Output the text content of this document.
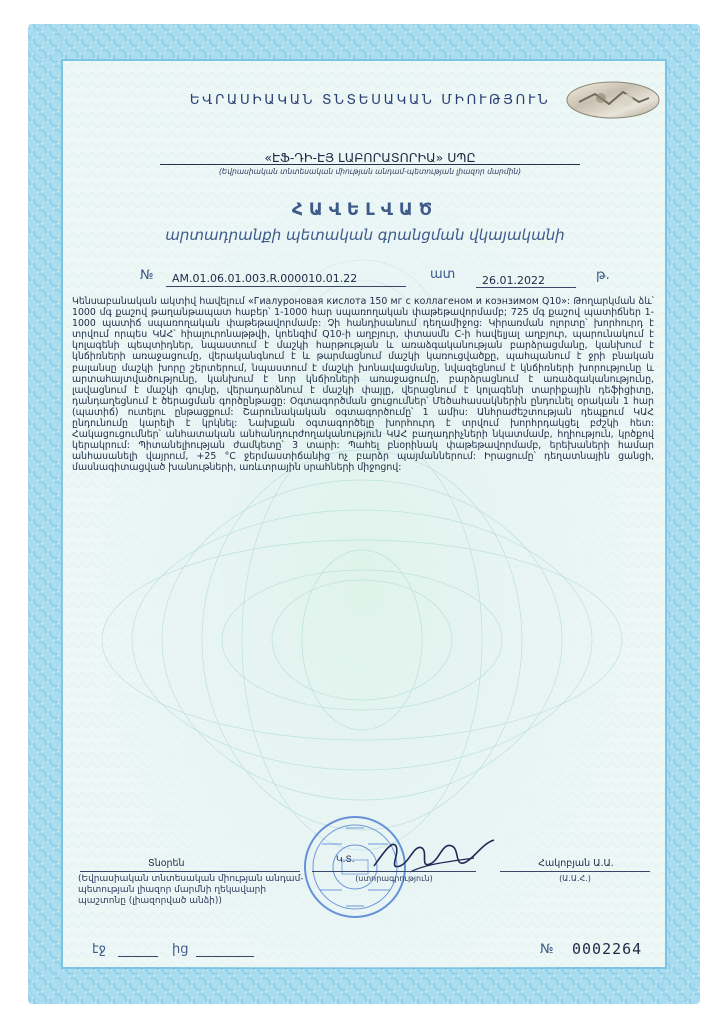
ԵՎՐԱՍԻԱԿԱՆ ՏՆՏԵՍԱԿԱՆ ՄԻՈՒԹՅՈՒՆ
«ԷՖ-ԴԻ-ԷՅ ԼԱԲՈՐԱՏՈՐԻԱ» ՍՊԸ
(Եվրասիական տնտեսական միության անդամ-պետության լիազոր մարմին)
ՀԱՎԵԼՎԱԾ
արտադրանքի պետական գրանցման վկայականի
№ AM.01.06.01.003.R.000010.01.22	ատ 26.01.2022	թ.
Կենսաբանական ակտիվ հավելում «Гиалуроновая кислота 150 мг с коллагеном и коэнзимом Q10»: Թողարկման ձև՝ 1000 մգ քաշով թաղանթապատ հաբեր՝ 1-1000 հար սպառողական փաթեթավորմամբ; 725 մգ քաշով պատիճներ 1-1000 պատիճ սպառողական փաթեթավորմամբ: Չի հանդիսանում դեղամիջոց: Կիրառման ոլորտը՝ խորհուրդ է տրվում որպես ԿԱՀ՝ հիալուրոնաթթվի, կոենզիմ Q10-ի աղբյուր, փտասմն C-ի հավելյալ աղբյուր, պարունակում է կոլագենի պեպտիդներ, նպաստում է մաշկի հարթության և առաձգականության բարձրացմանը, կանխում է կնճիռների առաջացումը, վերականգնում է և թարմացնում մաշկի կառուցվածքը, պահպանում է ջրի բնական բալանսը մաշկի խորը շերտերում, նպաստում է մաշկի խոնավացմանը, նվազեցնում է կնճիռների խորությունը և արտահայտվածությունը, կանխում է նոր կնճիռների առաջացումը, բարձրացնում է առաձգականությունը, լավացնում է մաշկի գույնը, վերադարձնում է մաշկի փայլը, վերացնում է կոլագենի տարիքային դեֆիցիտը, դանդաղեցնում է ծերացման գործընթացը: Օգտագործման ցուցումներ՝ Մեծահասակներին ընդունել օրական 1 հար (պատիճ) ուտելու ընթացքում: Շարունակական օգտագործումը՝ 1 ամիս: Անհրաժեշտության դեպքում ԿԱՀ ընդունումը կարելի է կրկնել: Նախքան օգտագործելը խորհուրդ է տրվում խորհրդակցել բժշկի հետ: Հակացուցումներ՝ անհատական անհանդուրժողականություն ԿԱՀ բաղադրիչների նկատմամբ, հղիություն, կրծքով կերակրում: Պիտանելիության ժամկետը՝ 3 տարի: Պահել բնօրինակ փաթեթավորմամբ, երեխաների համար անհասանելի վայրում, +25 °C ջերմաստիճանից ոչ բարձր պայմաններում: Իրացումը՝ դեղատնային ցանցի, մասնագիտացված խանութների, առևտրային սրահների միջոցով:
Տնօրեն
(Եվրասիական տնտեսական միության անդամ-պետության լիազոր մարմնի ղեկավարի պաշտոնը (լիազորված անձի))
Կ.Տ.
(ստորագրություն)
Հակոբյան Ա.Ա.
(Ա.Ա.Հ.)
էջ	ից	№ 0002264
